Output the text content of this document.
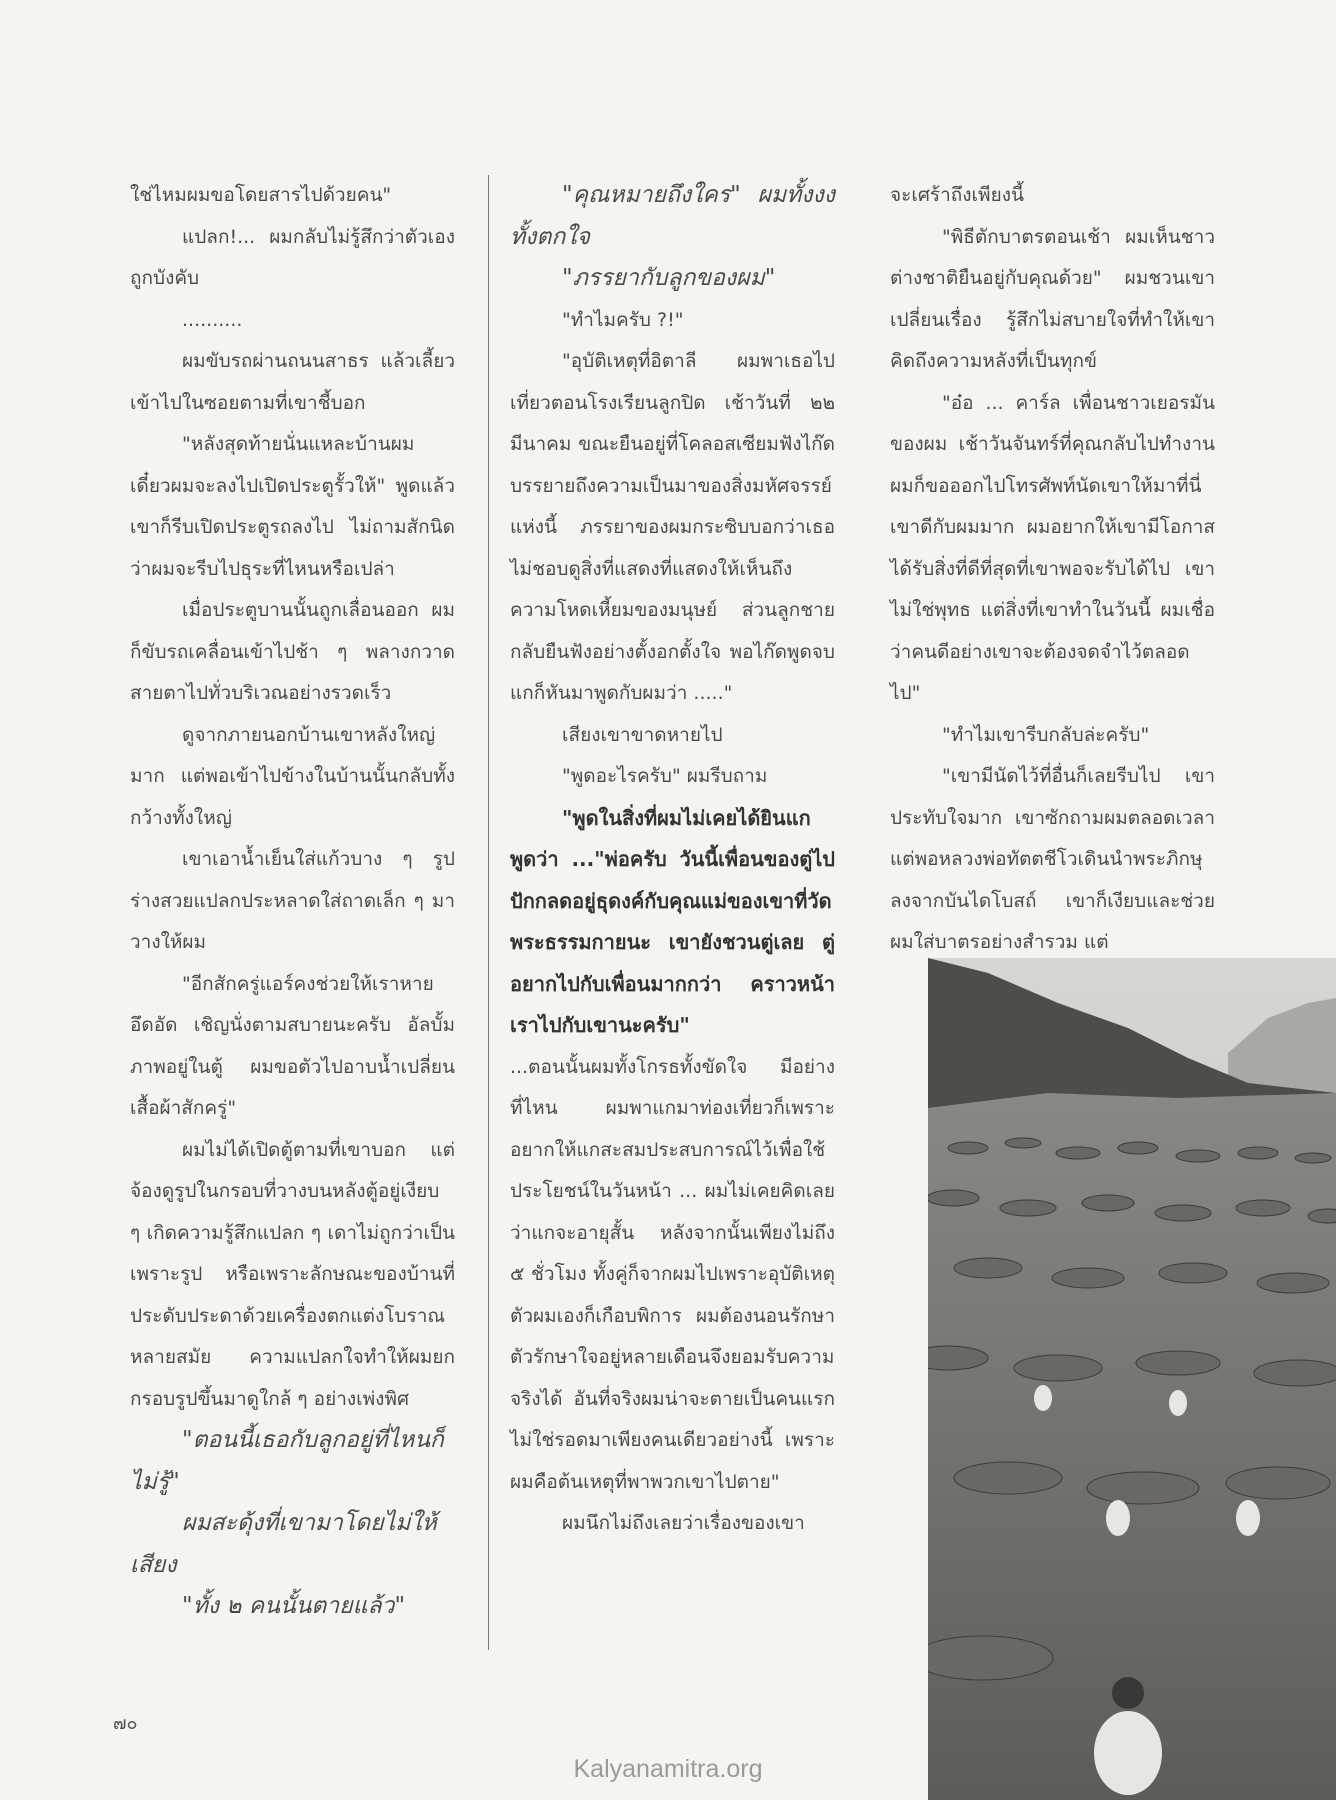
ใช่ไหมผมขอโดยสารไปด้วยคน"

แปลก!... ผมกลับไม่รู้สึกว่าตัวเองถูกบังคับ

..........

ผมขับรถผ่านถนนสาธร แล้วเลี้ยวเข้าไปในซอยตามที่เขาชี้บอก

"หลังสุดท้ายนั่นแหละบ้านผม เดี๋ยวผมจะลงไปเปิดประตูรั้วให้" พูดแล้วเขาก็รีบเปิดประตูรถลงไป ไม่ถามสักนิดว่าผมจะรีบไปธุระที่ไหนหรือเปล่า

เมื่อประตูบานนั้นถูกเลื่อนออก ผมก็ขับรถเคลื่อนเข้าไปช้า ๆ พลางกวาดสายตาไปทั่วบริเวณอย่างรวดเร็ว

ดูจากภายนอกบ้านเขาหลังใหญ่มาก แต่พอเข้าไปข้างในบ้านนั้นกลับทั้งกว้างทั้งใหญ่

เขาเอาน้ำเย็นใส่แก้วบาง ๆ รูปร่างสวยแปลกประหลาดใส่ถาดเล็ก ๆ มาวางให้ผม

"อีกสักครู่แอร์คงช่วยให้เราหายอึดอัด เชิญนั่งตามสบายนะครับ อัลบั้มภาพอยู่ในตู้ ผมขอตัวไปอาบน้ำเปลี่ยนเสื้อผ้าสักครู่"

ผมไม่ได้เปิดตู้ตามที่เขาบอก แต่จ้องดูรูปในกรอบที่วางบนหลังตู้อยู่เงียบ ๆ เกิดความรู้สึกแปลก ๆ เดาไม่ถูกว่าเป็นเพราะรูป หรือเพราะลักษณะของบ้านที่ประดับประดาด้วยเครื่องตกแต่งโบราณหลายสมัย ความแปลกใจทำให้ผมยกกรอบรูปขึ้นมาดูใกล้ ๆ อย่างเพ่งพิศ

"ตอนนี้เธอกับลูกอยู่ที่ไหนก็ไม่รู้"

ผมสะดุ้งที่เขามาโดยไม่ให้เสียง

"ทั้ง ๒ คนนั้นตายแล้ว"

"คุณหมายถึงใคร" ผมทั้งงงทั้งตกใจ

"ภรรยากับลูกของผม"

"ทำไมครับ ?!"

"อุบัติเหตุที่อิตาลี ผมพาเธอไปเที่ยวตอนโรงเรียนลูกปิด เช้าวันที่ ๒๒ มีนาคม ขณะยืนอยู่ที่โคลอสเซียมฟังไก๊ดบรรยายถึงความเป็นมาของสิ่งมหัศจรรย์แห่งนี้ ภรรยาของผมกระซิบบอกว่าเธอไม่ชอบดูสิ่งที่แสดงที่แสดงให้เห็นถึงความโหดเหี้ยมของมนุษย์ ส่วนลูกชายกลับยืนฟังอย่างตั้งอกตั้งใจ พอไก๊ดพูดจบแกก็หันมาพูดกับผมว่า ....."

เสียงเขาขาดหายไป

"พูดอะไรครับ" ผมรีบถาม

"พูดในสิ่งที่ผมไม่เคยได้ยินแกพูดว่า ..."พ่อครับ วันนี้เพื่อนของตู่ไปปักกลดอยู่ธุดงค์กับคุณแม่ของเขาที่วัดพระธรรมกายนะ เขายังชวนตู่เลย ตู่อยากไปกับเพื่อนมากกว่า คราวหน้าเราไปกับเขานะครับ"

...ตอนนั้นผมทั้งโกรธทั้งขัดใจ มีอย่างที่ไหน ผมพาแกมาท่องเที่ยวก็เพราะอยากให้แกสะสมประสบการณ์ไว้เพื่อใช้ประโยชน์ในวันหน้า ... ผมไม่เคยคิดเลยว่าแกจะอายุสั้น หลังจากนั้นเพียงไม่ถึง ๕ ชั่วโมง ทั้งคู่ก็จากผมไปเพราะอุบัติเหตุ ตัวผมเองก็เกือบพิการ ผมต้องนอนรักษาตัวรักษาใจอยู่หลายเดือนจึงยอมรับความจริงได้ อันที่จริงผมน่าจะตายเป็นคนแรกไม่ใช่รอดมาเพียงคนเดียวอย่างนี้ เพราะผมคือต้นเหตุที่พาพวกเขาไปตาย"

ผมนึกไม่ถึงเลยว่าเรื่องของเขา

จะเศร้าถึงเพียงนี้

"พิธีตักบาตรตอนเช้า ผมเห็นชาวต่างชาติยืนอยู่กับคุณด้วย" ผมชวนเขาเปลี่ยนเรื่อง รู้สึกไม่สบายใจที่ทำให้เขาคิดถึงความหลังที่เป็นทุกข์

"อ๋อ ... คาร์ล เพื่อนชาวเยอรมันของผม เช้าวันจันทร์ที่คุณกลับไปทำงาน ผมก็ขอออกไปโทรศัพท์นัดเขาให้มาที่นี่ เขาดีกับผมมาก ผมอยากให้เขามีโอกาสได้รับสิ่งที่ดีที่สุดที่เขาพอจะรับได้ไป เขาไม่ใช่พุทธ แต่สิ่งที่เขาทำในวันนี้ ผมเชื่อว่าคนดีอย่างเขาจะต้องจดจำไว้ตลอดไป"

"ทำไมเขารีบกลับล่ะครับ"

"เขามีนัดไว้ที่อื่นก็เลยรีบไป เขาประทับใจมาก เขาซักถามผมตลอดเวลา แต่พอหลวงพ่อทัตตชีโวเดินนำพระภิกษุลงจากบันไดโบสถ์ เขาก็เงียบและช่วยผมใส่บาตรอย่างสำรวม แต่

๗๐
Kalyanamitra.org
